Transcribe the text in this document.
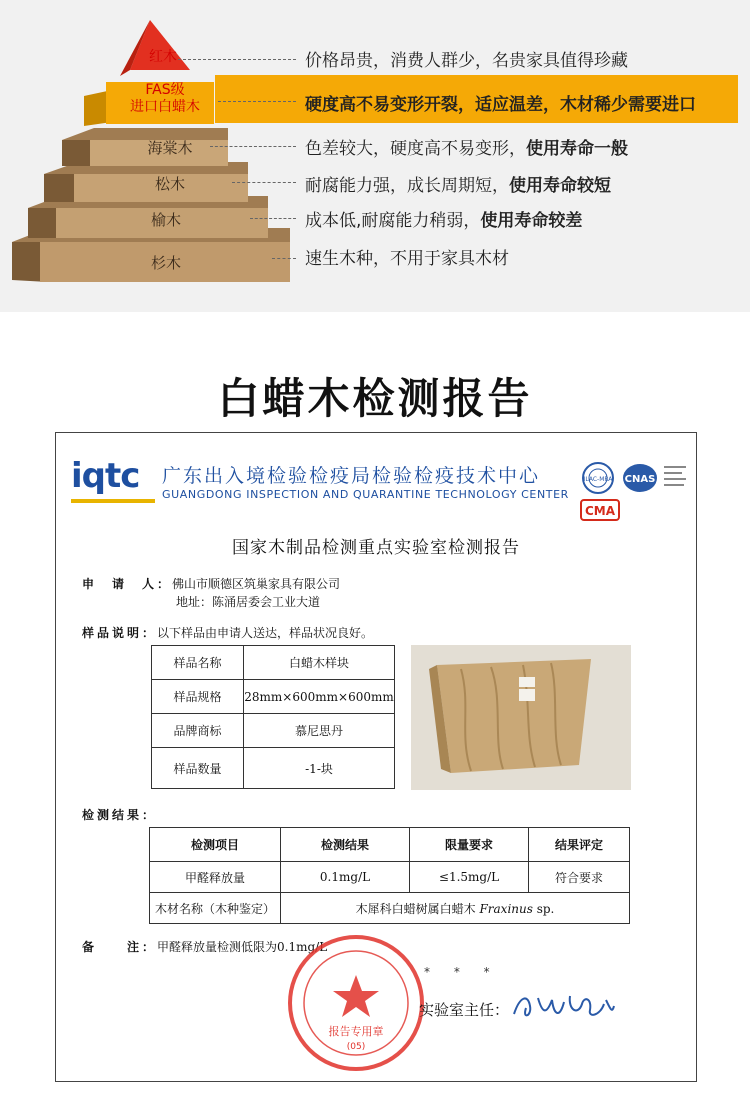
红木
FAS级
进口白蜡木
海棠木
松木
榆木
杉木
价格昂贵，消费人群少，名贵家具值得珍藏
硬度高不易变形开裂，适应温差，木材稀少需要进口
色差较大，硬度高不易变形，使用寿命一般
耐腐能力强，成长周期短，使用寿命较短
成本低,耐腐能力稍弱，使用寿命较差
速生木种，不用于家具木材
白蜡木检测报告
iqtc	广东出入境检验检疫局检验检疫技术中心
GUANGDONG INSPECTION AND QUARANTINE TECHNOLOGY CENTER
ILAC-MRA CNAS
CMA
国家木制品检测重点实验室检测报告
申　请　人：佛山市顺德区筑巢家具有限公司
地址：陈涌居委会工业大道
样品说明：以下样品由申请人送达，样品状况良好。
样品名称	白蜡木样块
样品规格	28mm×600mm×600mm
品牌商标	慕尼思丹
样品数量	-1-块
检测结果：
检测项目	检测结果	限量要求	结果评定
甲醛释放量	0.1mg/L	≤1.5mg/L	符合要求
木材名称（木种鉴定）	木犀科白蜡树属白蜡木 Fraxinus sp.		
备　　注：甲醛释放量检测低限为0.1mg/L
报告专用章
(05)
* * *
实验室主任：
